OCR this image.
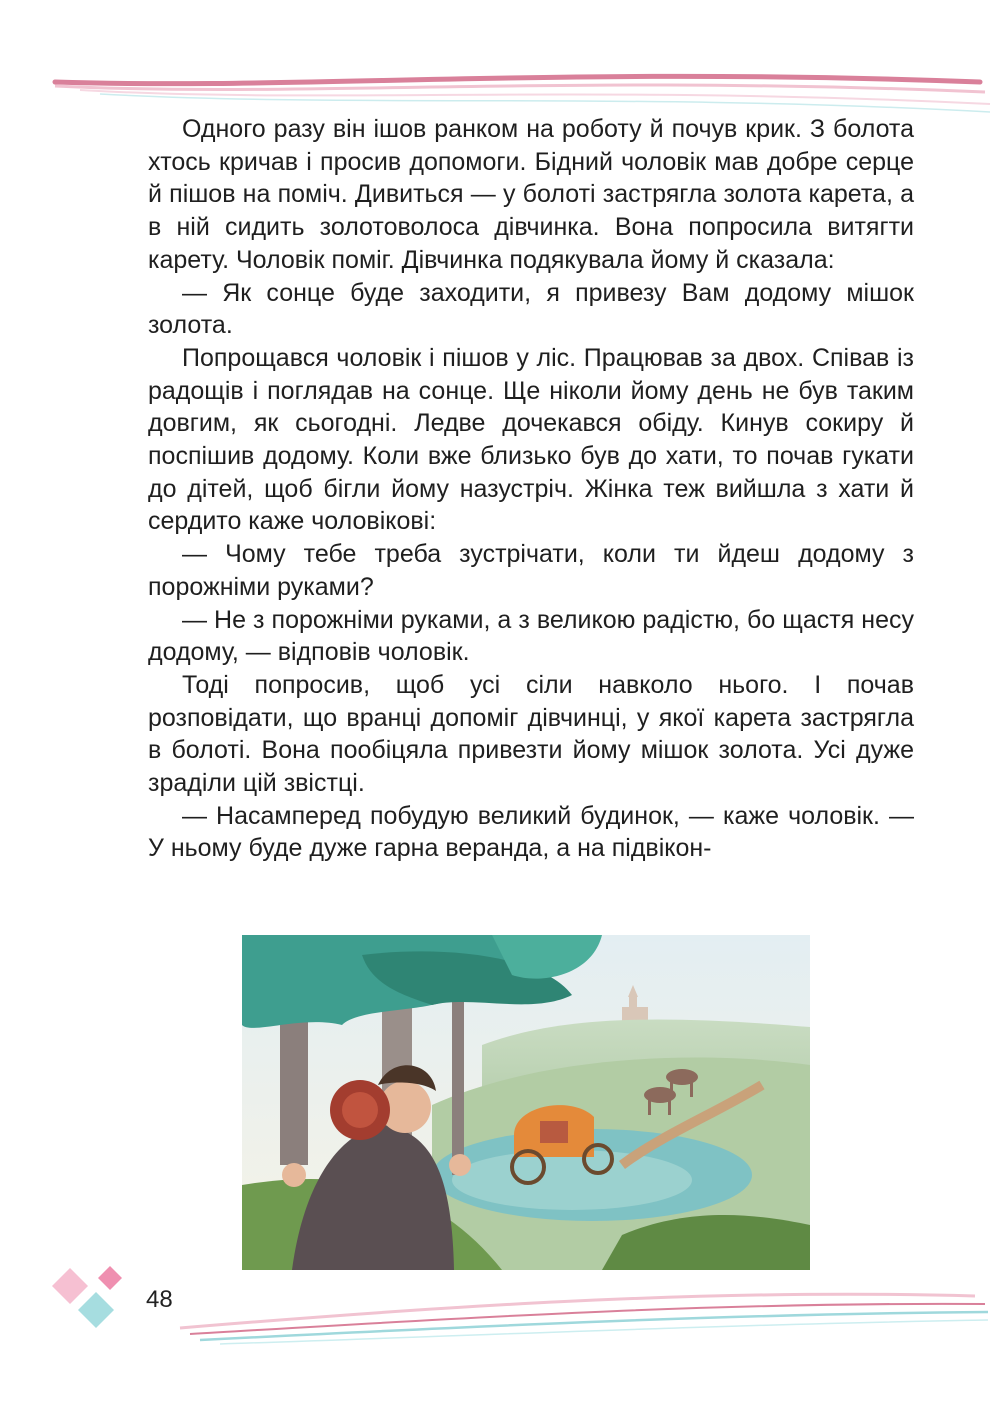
Одного разу він ішов ранком на роботу й почув крик. З болота хтось кричав і просив допомоги. Бідний чоловік мав добре серце й пішов на поміч. Дивиться — у болоті застрягла золота карета, а в ній сидить золотоволоса дівчинка. Вона попросила витягти карету. Чоловік поміг. Дівчинка подякувала йому й сказала:

— Як сонце буде заходити, я привезу Вам додому мішок золота.

Попрощався чоловік і пішов у ліс. Працював за двох. Співав із радощів і поглядав на сонце. Ще ніколи йому день не був таким довгим, як сьогодні. Ледве дочекався обіду. Кинув сокиру й поспішив додому. Коли вже близько був до хати, то почав гукати до дітей, щоб бігли йому назустріч. Жінка теж вийшла з хати й сердито каже чоловікові:

— Чому тебе треба зустрічати, коли ти йдеш додому з порожніми руками?

— Не з порожніми руками, а з великою радістю, бо щастя несу додому, — відповів чоловік.

Тоді попросив, щоб усі сіли навколо нього. І почав розповідати, що вранці допоміг дівчинці, у якої карета застрягла в болоті. Вона пообіцяла привезти йому мішок золота. Усі дуже зраділи цій звістці.

— Насамперед побудую великий будинок, — каже чоловік. — У ньому буде дуже гарна веранда, а на підвікон-

48
